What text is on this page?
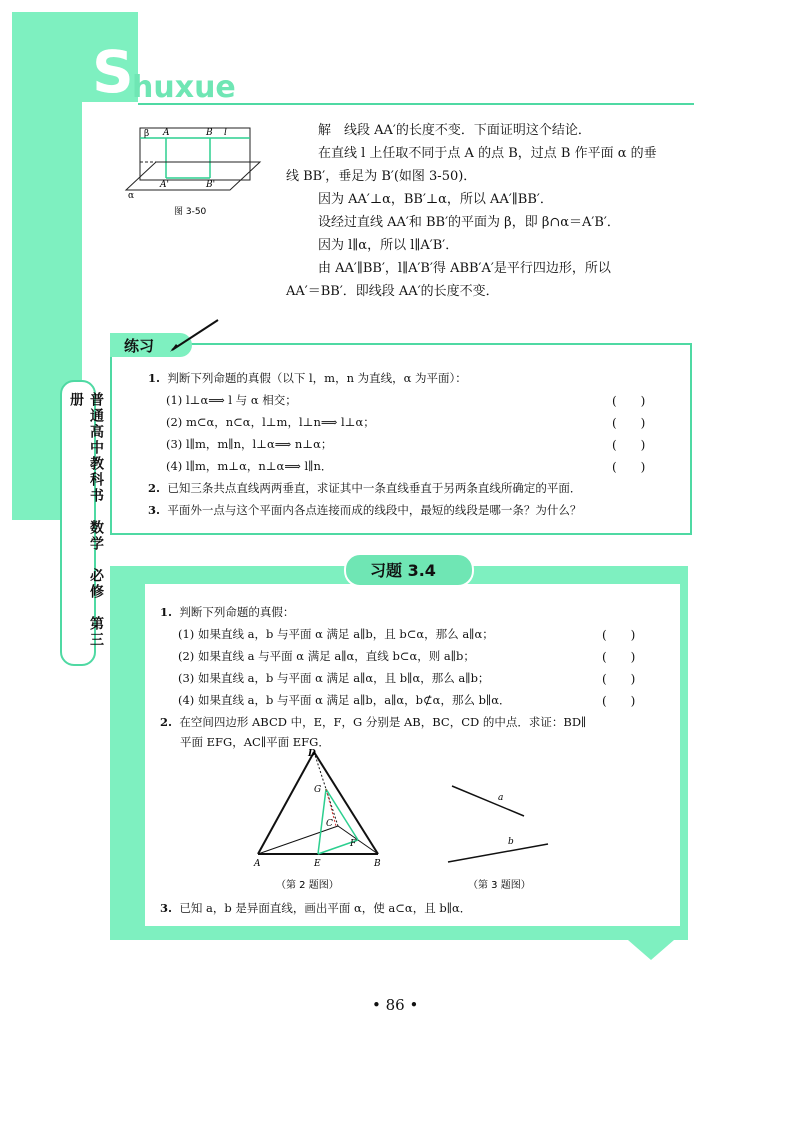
S
huxue
普通高中教科书　数学　必修　第三册
β A	B l
A'	B'
α
图 3-50
解　线段 AA′的长度不变．下面证明这个结论．
在直线 l 上任取不同于点 A 的点 B，过点 B 作平面 α 的垂
线 BB′，垂足为 B′(如图 3-50)．
因为 AA′⊥α，BB′⊥α，所以 AA′∥BB′．
设经过直线 AA′和 BB′的平面为 β，即 β∩α＝A′B′．
因为 l∥α，所以 l∥A′B′．
由 AA′∥BB′，l∥A′B′得 ABB′A′是平行四边形，所以
AA′＝BB′．即线段 AA′的长度不变．
练习
1. 判断下列命题的真假（以下 l，m，n 为直线，α 为平面）：
(1) l⊥α⟹ l 与 α 相交；	(　　)
(2) m⊂α，n⊂α，l⊥m，l⊥n⟹ l⊥α；	(　　)
(3) l∥m，m∥n，l⊥α⟹ n⊥α；	(　　)
(4) l∥m，m⊥α，n⊥α⟹ l∥n．	(　　)
2. 已知三条共点直线两两垂直，求证其中一条直线垂直于另两条直线所确定的平面．
3. 平面外一点与这个平面内各点连接而成的线段中，最短的线段是哪一条？为什么？
习题 3.4
1. 判断下列命题的真假：
(1) 如果直线 a，b 与平面 α 满足 a∥b，且 b⊂α，那么 a∥α；	(　　)
(2) 如果直线 a 与平面 α 满足 a∥α，直线 b⊂α，则 a∥b；	(　　)
(3) 如果直线 a，b 与平面 α 满足 a∥α，且 b∥α，那么 a∥b；	(　　)
(4) 如果直线 a，b 与平面 α 满足 a∥b，a∥α，b⊄α，那么 b∥α．	(　　)
2. 在空间四边形 ABCD 中，E，F，G 分别是 AB，BC，CD 的中点．求证：BD∥
平面 EFG，AC∥平面 EFG．
D
G
C
F
A	E	B
（第 2 题图）
a
b
（第 3 题图）
3. 已知 a，b 是异面直线，画出平面 α，使 a⊂α，且 b∥α．
• 86 •
